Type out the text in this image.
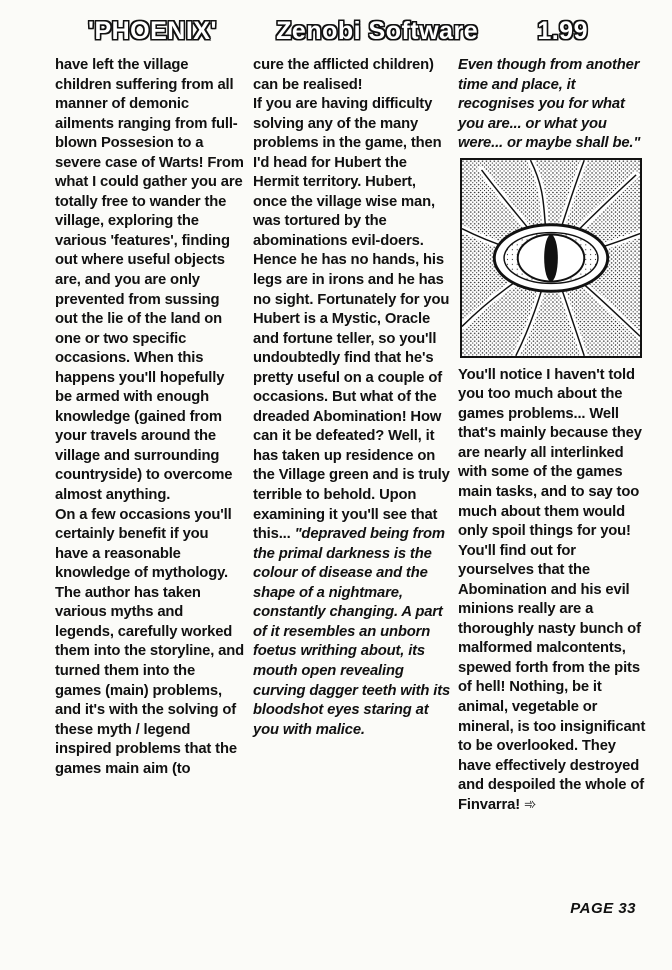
'PHOENIX' Zenobi Software 1.99

have left the village children suffering from all manner of demonic ailments ranging from full-blown Possesion to a severe case of Warts! From what I could gather you are totally free to wander the village, exploring the various 'features', finding out where useful objects are, and you are only prevented from sussing out the lie of the land on one or two specific occasions. When this happens you'll hopefully be armed with enough knowledge (gained from your travels around the village and surrounding countryside) to overcome almost anything.

On a few occasions you'll certainly benefit if you have a reasonable knowledge of mythology. The author has taken various myths and legends, carefully worked them into the storyline, and turned them into the games (main) problems, and it's with the solving of these myth / legend inspired problems that the games main aim (to

cure the afflicted children) can be realised!

If you are having difficulty solving any of the many problems in the game, then I'd head for Hubert the Hermit territory. Hubert, once the village wise man, was tortured by the abominations evil-doers. Hence he has no hands, his legs are in irons and he has no sight. Fortunately for you Hubert is a Mystic, Oracle and fortune teller, so you'll undoubtedly find that he's pretty useful on a couple of occasions. But what of the dreaded Abomination! How can it be defeated? Well, it has taken up residence on the Village green and is truly terrible to behold. Upon examining it you'll see that this... "depraved being from the primal darkness is the colour of disease and the shape of a nightmare, constantly changing. A part of it resembles an unborn foetus writhing about, its mouth open revealing curving dagger teeth with its bloodshot eyes staring at you with malice.

Even though from another time and place, it recognises you for what you are... or what you were... or maybe shall be."

You'll notice I haven't told you too much about the games problems... Well that's mainly because they are nearly all interlinked with some of the games main tasks, and to say too much about them would only spoil things for you! You'll find out for yourselves that the Abomination and his evil minions really are a thoroughly nasty bunch of malformed malcontents, spewed forth from the pits of hell! Nothing, be it animal, vegetable or mineral, is too insignificant to be overlooked. They have effectively destroyed and despoiled the whole of Finvarra! ➾

PAGE 33
